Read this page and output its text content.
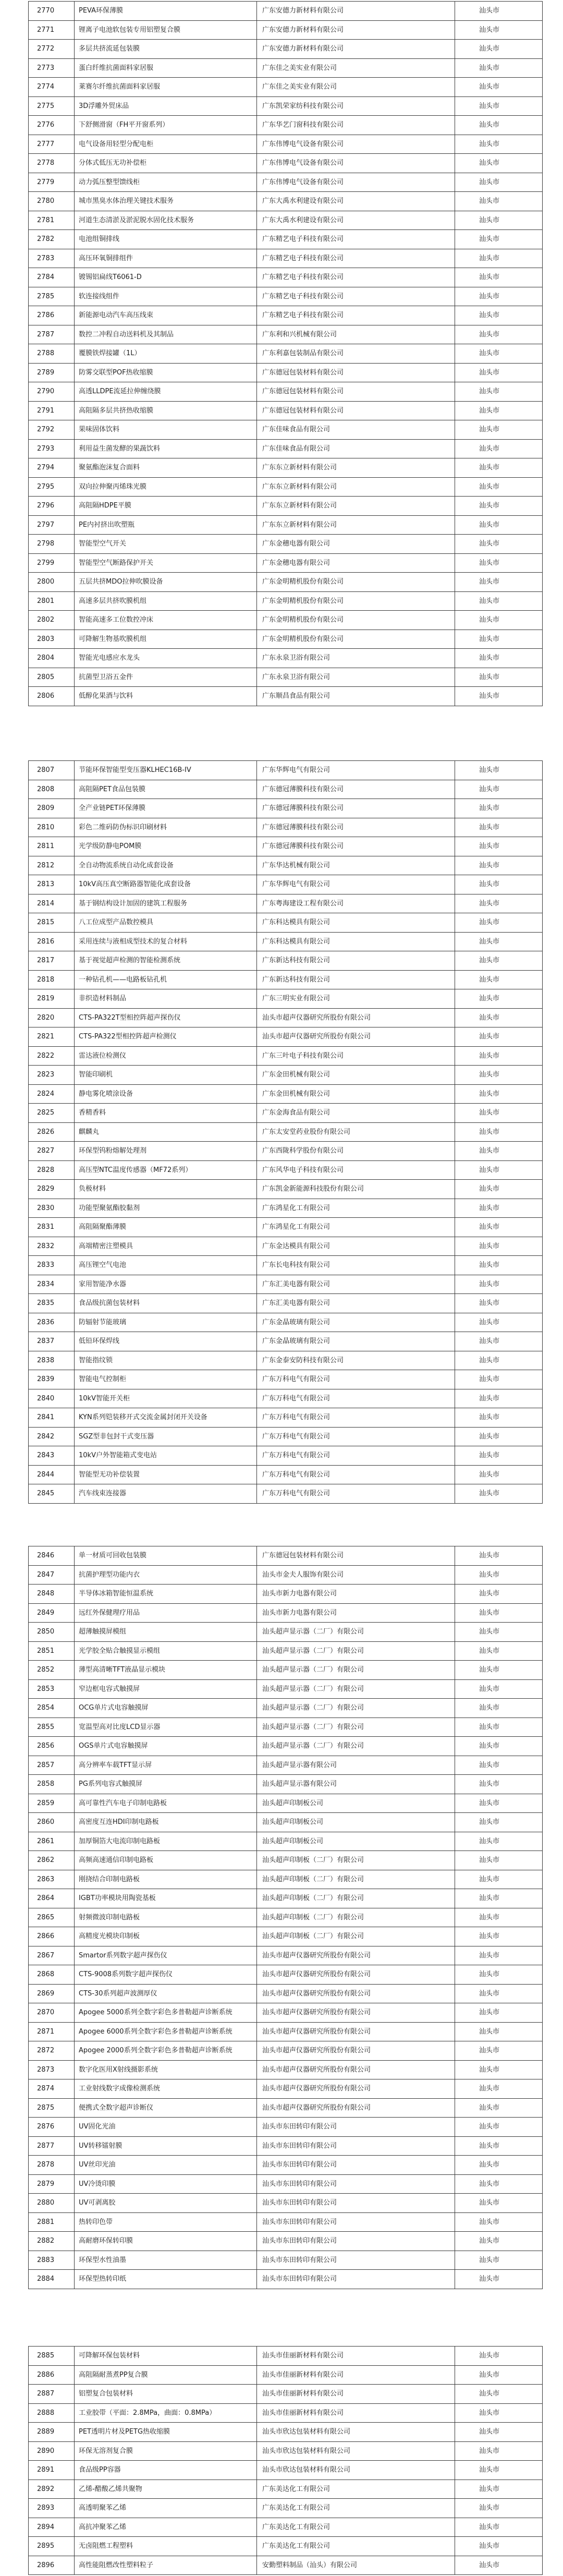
2770	PEVA环保薄膜	广东安德力新材料有限公司	汕头市
2771	锂离子电池软包装专用铝塑复合膜	广东安德力新材料有限公司	汕头市
2772	多层共挤流延包装膜	广东安德力新材料有限公司	汕头市
2773	蛋白纤维抗菌面料家居服	广东佳之美实业有限公司	汕头市
2774	莱赛尔纤维抗菌面料家居服	广东佳之美实业有限公司	汕头市
2775	3D浮雕外贸床品	广东凯荣家纺科技有限公司	汕头市
2776	下舒侧滑窗（FH平开窗系列）	广东华艺门窗科技有限公司	汕头市
2777	电气设备用轻型分配电柜	广东伟博电气设备有限公司	汕头市
2778	分体式低压无功补偿柜	广东伟博电气设备有限公司	汕头市
2779	动力弧压整型馈线柜	广东伟博电气设备有限公司	汕头市
2780	城市黑臭水体治理关键技术服务	广东大禹水利建设有限公司	汕头市
2781	河道生态清淤及淤泥脱水固化技术服务	广东大禹水利建设有限公司	汕头市
2782	电池组铜排线	广东精艺电子科技有限公司	汕头市
2783	高压环氧铜排组件	广东精艺电子科技有限公司	汕头市
2784	镀锡铝扁线T6061-D	广东精艺电子科技有限公司	汕头市
2785	软连接线组件	广东精艺电子科技有限公司	汕头市
2786	新能源电动汽车高压线束	广东精艺电子科技有限公司	汕头市
2787	数控二冲程自动送料机及其制品	广东利和兴机械有限公司	汕头市
2788	覆膜铁焊接罐（1L）	广东利嘉包装制品有限公司	汕头市
2789	防雾交联型POF热收缩膜	广东德冠包装材料有限公司	汕头市
2790	高透LLDPE流延拉伸缠绕膜	广东德冠包装材料有限公司	汕头市
2791	高阻隔多层共挤热收缩膜	广东德冠包装材料有限公司	汕头市
2792	果味固体饮料	广东佳味食品有限公司	汕头市
2793	利用益生菌发酵的果蔬饮料	广东佳味食品有限公司	汕头市
2794	聚氨酯泡沫复合面料	广东东立新材料有限公司	汕头市
2795	双向拉伸聚丙烯珠光膜	广东东立新材料有限公司	汕头市
2796	高阻隔HDPE平膜	广东东立新材料有限公司	汕头市
2797	PE内衬挤出吹塑瓶	广东东立新材料有限公司	汕头市
2798	智能型空气开关	广东金穗电器有限公司	汕头市
2799	智能型空气断路保护开关	广东金穗电器有限公司	汕头市
2800	五层共挤MDO拉伸吹膜设备	广东金明精机股份有限公司	汕头市
2801	高速多层共挤吹膜机组	广东金明精机股份有限公司	汕头市
2802	智能高速多工位数控冲床	广东金明精机股份有限公司	汕头市
2803	可降解生物基吹膜机组	广东金明精机股份有限公司	汕头市
2804	智能光电感应水龙头	广东永泉卫浴有限公司	汕头市
2805	抗菌型卫浴五金件	广东永泉卫浴有限公司	汕头市
2806	低醇化果酒与饮料	广东顺昌食品有限公司	汕头市
2807	节能环保智能型变压器KLHEC16B-IV	广东华辉电气有限公司	汕头市
2808	高阻隔PET食品包装膜	广东德冠薄膜科技有限公司	汕头市
2809	全产业链PET环保薄膜	广东德冠薄膜科技有限公司	汕头市
2810	彩色二维码防伪标识印刷材料	广东德冠薄膜科技有限公司	汕头市
2811	光学级防静电POM膜	广东德冠薄膜科技有限公司	汕头市
2812	全自动物流系统自动化成套设备	广东华达机械有限公司	汕头市
2813	10kV高压真空断路器智能化成套设备	广东华辉电气有限公司	汕头市
2814	基于钢结构设计加固的建筑工程服务	广东粤海建设工程有限公司	汕头市
2815	八工位成型产品数控模具	广东科达模具有限公司	汕头市
2816	采用连续与液相成型技术的复合材料	广东科达模具有限公司	汕头市
2817	基于视觉超声检测的智能检测系统	广东新达科技有限公司	汕头市
2818	一种钻孔机——电路板钻孔机	广东新达科技有限公司	汕头市
2819	非织造材料制品	广东三明实业有限公司	汕头市
2820	CTS-PA322T型相控阵超声探伤仪	汕头市超声仪器研究所股份有限公司	汕头市
2821	CTS-PA322型相控阵超声检测仪	汕头市超声仪器研究所股份有限公司	汕头市
2822	雷达液位检测仪	广东三叶电子科技有限公司	汕头市
2823	智能印刷机	广东金田机械有限公司	汕头市
2824	静电雾化喷涂设备	广东金田机械有限公司	汕头市
2825	香精香料	广东金海食品有限公司	汕头市
2826	麒麟丸	广东太安堂药业股份有限公司	汕头市
2827	环保型钨粉熔解处理剂	广东西陇科学股份有限公司	汕头市
2828	高压型NTC温度传感器（MF72系列）	广东风华电子科技有限公司	汕头市
2829	负极材料	广东凯金新能源科技股份有限公司	汕头市
2830	功能型聚氨酯胶黏剂	广东鸿星化工有限公司	汕头市
2831	高阻隔聚酯薄膜	广东鸿星化工有限公司	汕头市
2832	高端精密注塑模具	广东金达模具有限公司	汕头市
2833	高压锂空气电池	广东长电科技有限公司	汕头市
2834	家用智能净水器	广东汇美电器有限公司	汕头市
2835	食品级抗菌包装材料	广东汇美电器有限公司	汕头市
2836	防辐射节能玻璃	广东金晶玻璃有限公司	汕头市
2837	低铅环保焊线	广东金晶玻璃有限公司	汕头市
2838	智能指纹锁	广东金泰安防科技有限公司	汕头市
2839	智能电气控制柜	广东万科电气有限公司	汕头市
2840	10kV智能开关柜	广东万科电气有限公司	汕头市
2841	KYN系列铠装移开式交流金属封闭开关设备	广东万科电气有限公司	汕头市
2842	SGZ型非包封干式变压器	广东万科电气有限公司	汕头市
2843	10kV户外智能箱式变电站	广东万科电气有限公司	汕头市
2844	智能型无功补偿装置	广东万科电气有限公司	汕头市
2845	汽车线束连接器	广东万科电气有限公司	汕头市
2846	单一材质可回收包装膜	广东德冠包装材料有限公司	汕头市
2847	抗菌护理型功能内衣	汕头市金夫人服饰有限公司	汕头市
2848	半导体冰箱智能恒温系统	汕头市新力电器有限公司	汕头市
2849	远红外保健理疗用品	汕头市新力电器有限公司	汕头市
2850	超薄触摸屏模组	汕头超声显示器（二厂）有限公司	汕头市
2851	光学胶全贴合触摸显示模组	汕头超声显示器（二厂）有限公司	汕头市
2852	薄型高清晰TFT液晶显示模块	汕头超声显示器（二厂）有限公司	汕头市
2853	窄边框电容式触摸屏	汕头超声显示器（二厂）有限公司	汕头市
2854	OCG单片式电容触摸屏	汕头超声显示器（二厂）有限公司	汕头市
2855	宽温型高对比度LCD显示器	汕头超声显示器（二厂）有限公司	汕头市
2856	OGS单片式电容触摸屏	汕头超声显示器（二厂）有限公司	汕头市
2857	高分辨率车载TFT显示屏	汕头超声显示器有限公司	汕头市
2858	PG系列电容式触摸屏	汕头超声显示器有限公司	汕头市
2859	高可靠性汽车电子印制电路板	汕头超声印制板公司	汕头市
2860	高密度互连HDI印制电路板	汕头超声印制板公司	汕头市
2861	加厚铜箔大电流印制电路板	汕头超声印制板公司	汕头市
2862	高频高速通信印制电路板	汕头超声印制板（二厂）有限公司	汕头市
2863	刚挠结合印制电路板	汕头超声印制板（二厂）有限公司	汕头市
2864	IGBT功率模块用陶瓷基板	汕头超声印制板（二厂）有限公司	汕头市
2865	射频微波印制电路板	汕头超声印制板（二厂）有限公司	汕头市
2866	高精度光模块印制板	汕头超声印制板（二厂）有限公司	汕头市
2867	Smartor系列数字超声探伤仪	汕头市超声仪器研究所股份有限公司	汕头市
2868	CTS-9008系列数字超声探伤仪	汕头市超声仪器研究所股份有限公司	汕头市
2869	CTS-30系列超声波测厚仪	汕头市超声仪器研究所股份有限公司	汕头市
2870	Apogee 5000系列全数字彩色多普勒超声诊断系统	汕头市超声仪器研究所股份有限公司	汕头市
2871	Apogee 6000系列全数字彩色多普勒超声诊断系统	汕头市超声仪器研究所股份有限公司	汕头市
2872	Apogee 2000系列全数字彩色多普勒超声诊断系统	汕头市超声仪器研究所股份有限公司	汕头市
2873	数字化医用X射线摄影系统	汕头市超声仪器研究所股份有限公司	汕头市
2874	工业射线数字成像检测系统	汕头市超声仪器研究所股份有限公司	汕头市
2875	便携式全数字超声诊断仪	汕头市超声仪器研究所股份有限公司	汕头市
2876	UV固化光油	汕头市东田转印有限公司	汕头市
2877	UV转移镭射膜	汕头市东田转印有限公司	汕头市
2878	UV丝印光油	汕头市东田转印有限公司	汕头市
2879	UV冷烫印膜	汕头市东田转印有限公司	汕头市
2880	UV可剥离胶	汕头市东田转印有限公司	汕头市
2881	热转印色带	汕头市东田转印有限公司	汕头市
2882	高耐磨环保转印膜	汕头市东田转印有限公司	汕头市
2883	环保型水性油墨	汕头市东田转印有限公司	汕头市
2884	环保型热转印纸	汕头市东田转印有限公司	汕头市
2885	可降解环保包装材料	汕头市佳丽新材料有限公司	汕头市
2886	高阻隔耐蒸煮PP复合膜	汕头市佳丽新材料有限公司	汕头市
2887	铝塑复合包装材料	汕头市佳丽新材料有限公司	汕头市
2888	工业胶带（平面：2.8MPa，曲面：0.8MPa）	汕头市佳丽新材料有限公司	汕头市
2889	PET透明片材及PETG热收缩膜	汕头市欣达包装材料有限公司	汕头市
2890	环保无溶剂复合膜	汕头市欣达包装材料有限公司	汕头市
2891	食品级PP容器	汕头市欣达包装材料有限公司	汕头市
2892	乙烯-醋酸乙烯共聚物	广东美达化工有限公司	汕头市
2893	高透明聚苯乙烯	广东美达化工有限公司	汕头市
2894	高抗冲聚苯乙烯	广东美达化工有限公司	汕头市
2895	无卤阻燃工程塑料	广东美达化工有限公司	汕头市
2896	高性能阻燃改性塑料粒子	安勤塑料制品（汕头）有限公司	汕头市
